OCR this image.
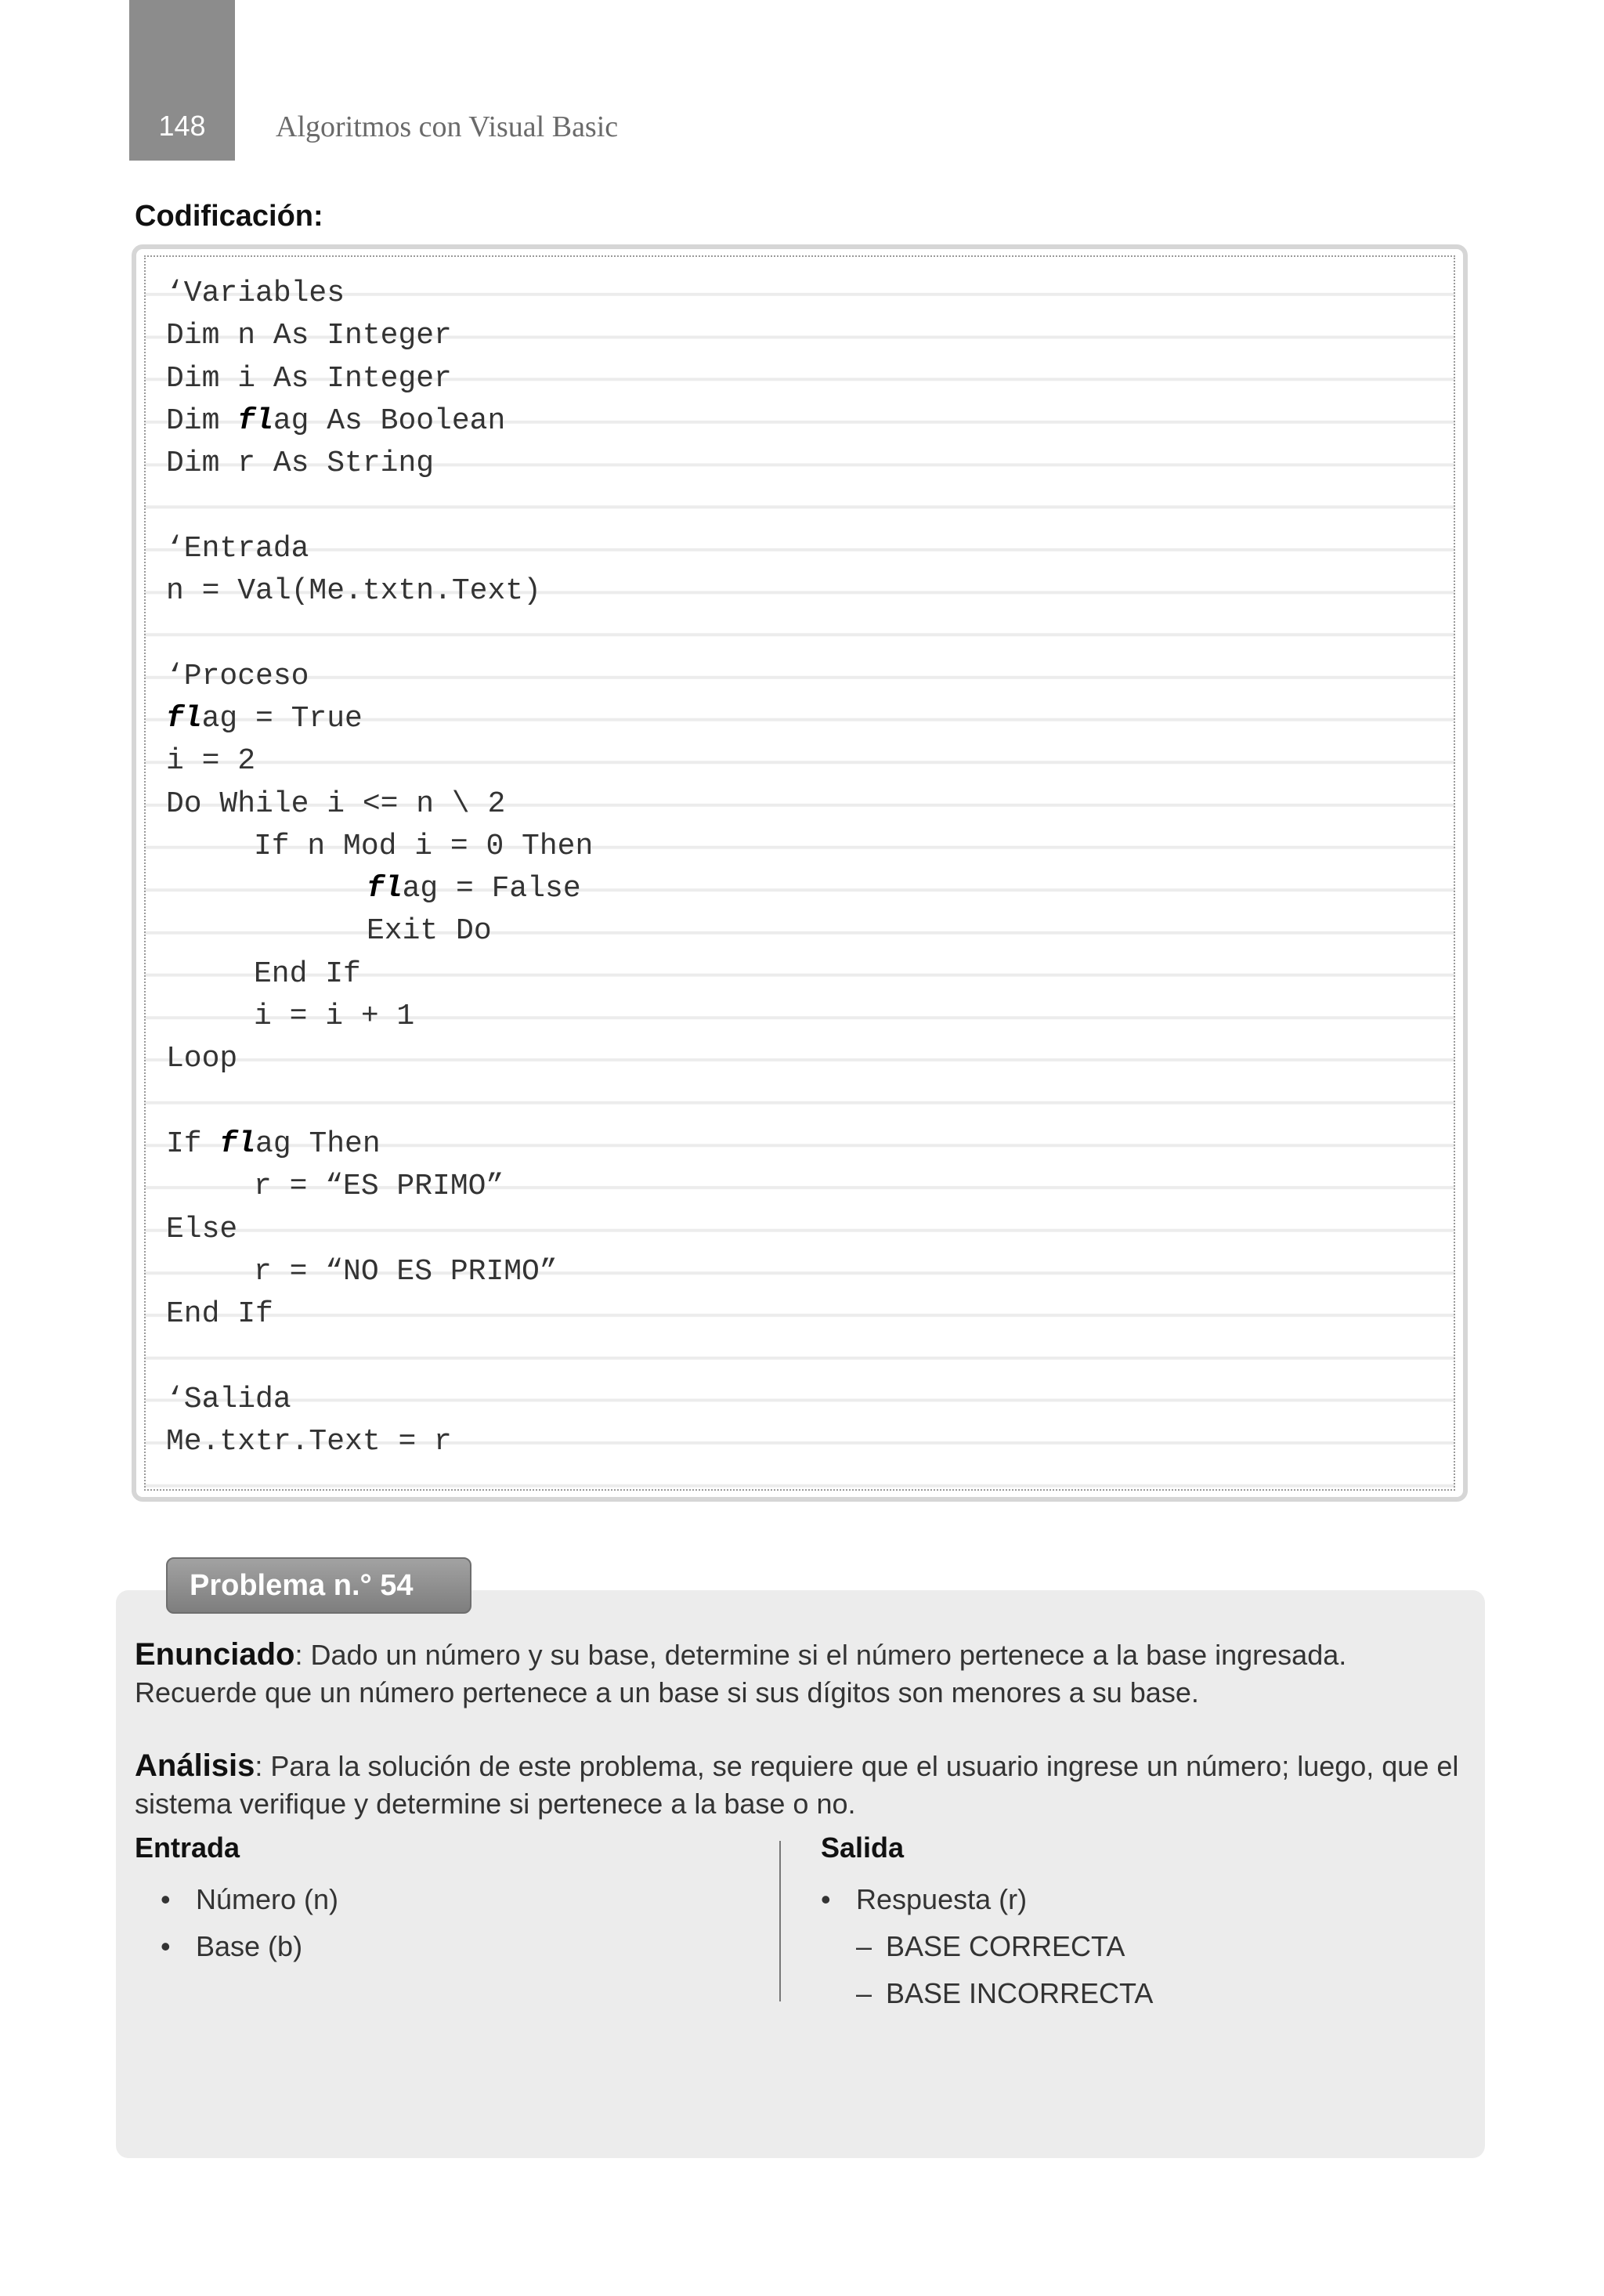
148	Algoritmos con Visual Basic
Codificación:
‘Variables
Dim n As Integer
Dim i As Integer
Dim flag As Boolean
Dim r As String
‘Entrada
n = Val(Me.txtn.Text)
‘Proceso
flag = True
i = 2
Do While i <= n \ 2
If n Mod i = 0 Then
flag = False
Exit Do
End If
i = i + 1
Loop
If flag Then
r = “ES PRIMO”
Else
r = “NO ES PRIMO”
End If
‘Salida
Me.txtr.Text = r
Problema n.° 54
Enunciado: Dado un número y su base, determine si el número pertenece a la base ingresada. Recuerde que un número pertenece a un base si sus dígitos son menores a su base.
Análisis: Para la solución de este problema, se requiere que el usuario ingrese un número; luego, que el sistema verifique y determine si pertenece a la base o no.
Entrada
• Número (n)
• Base (b)
Salida
• Respuesta (r)
– BASE CORRECTA
– BASE INCORRECTA
